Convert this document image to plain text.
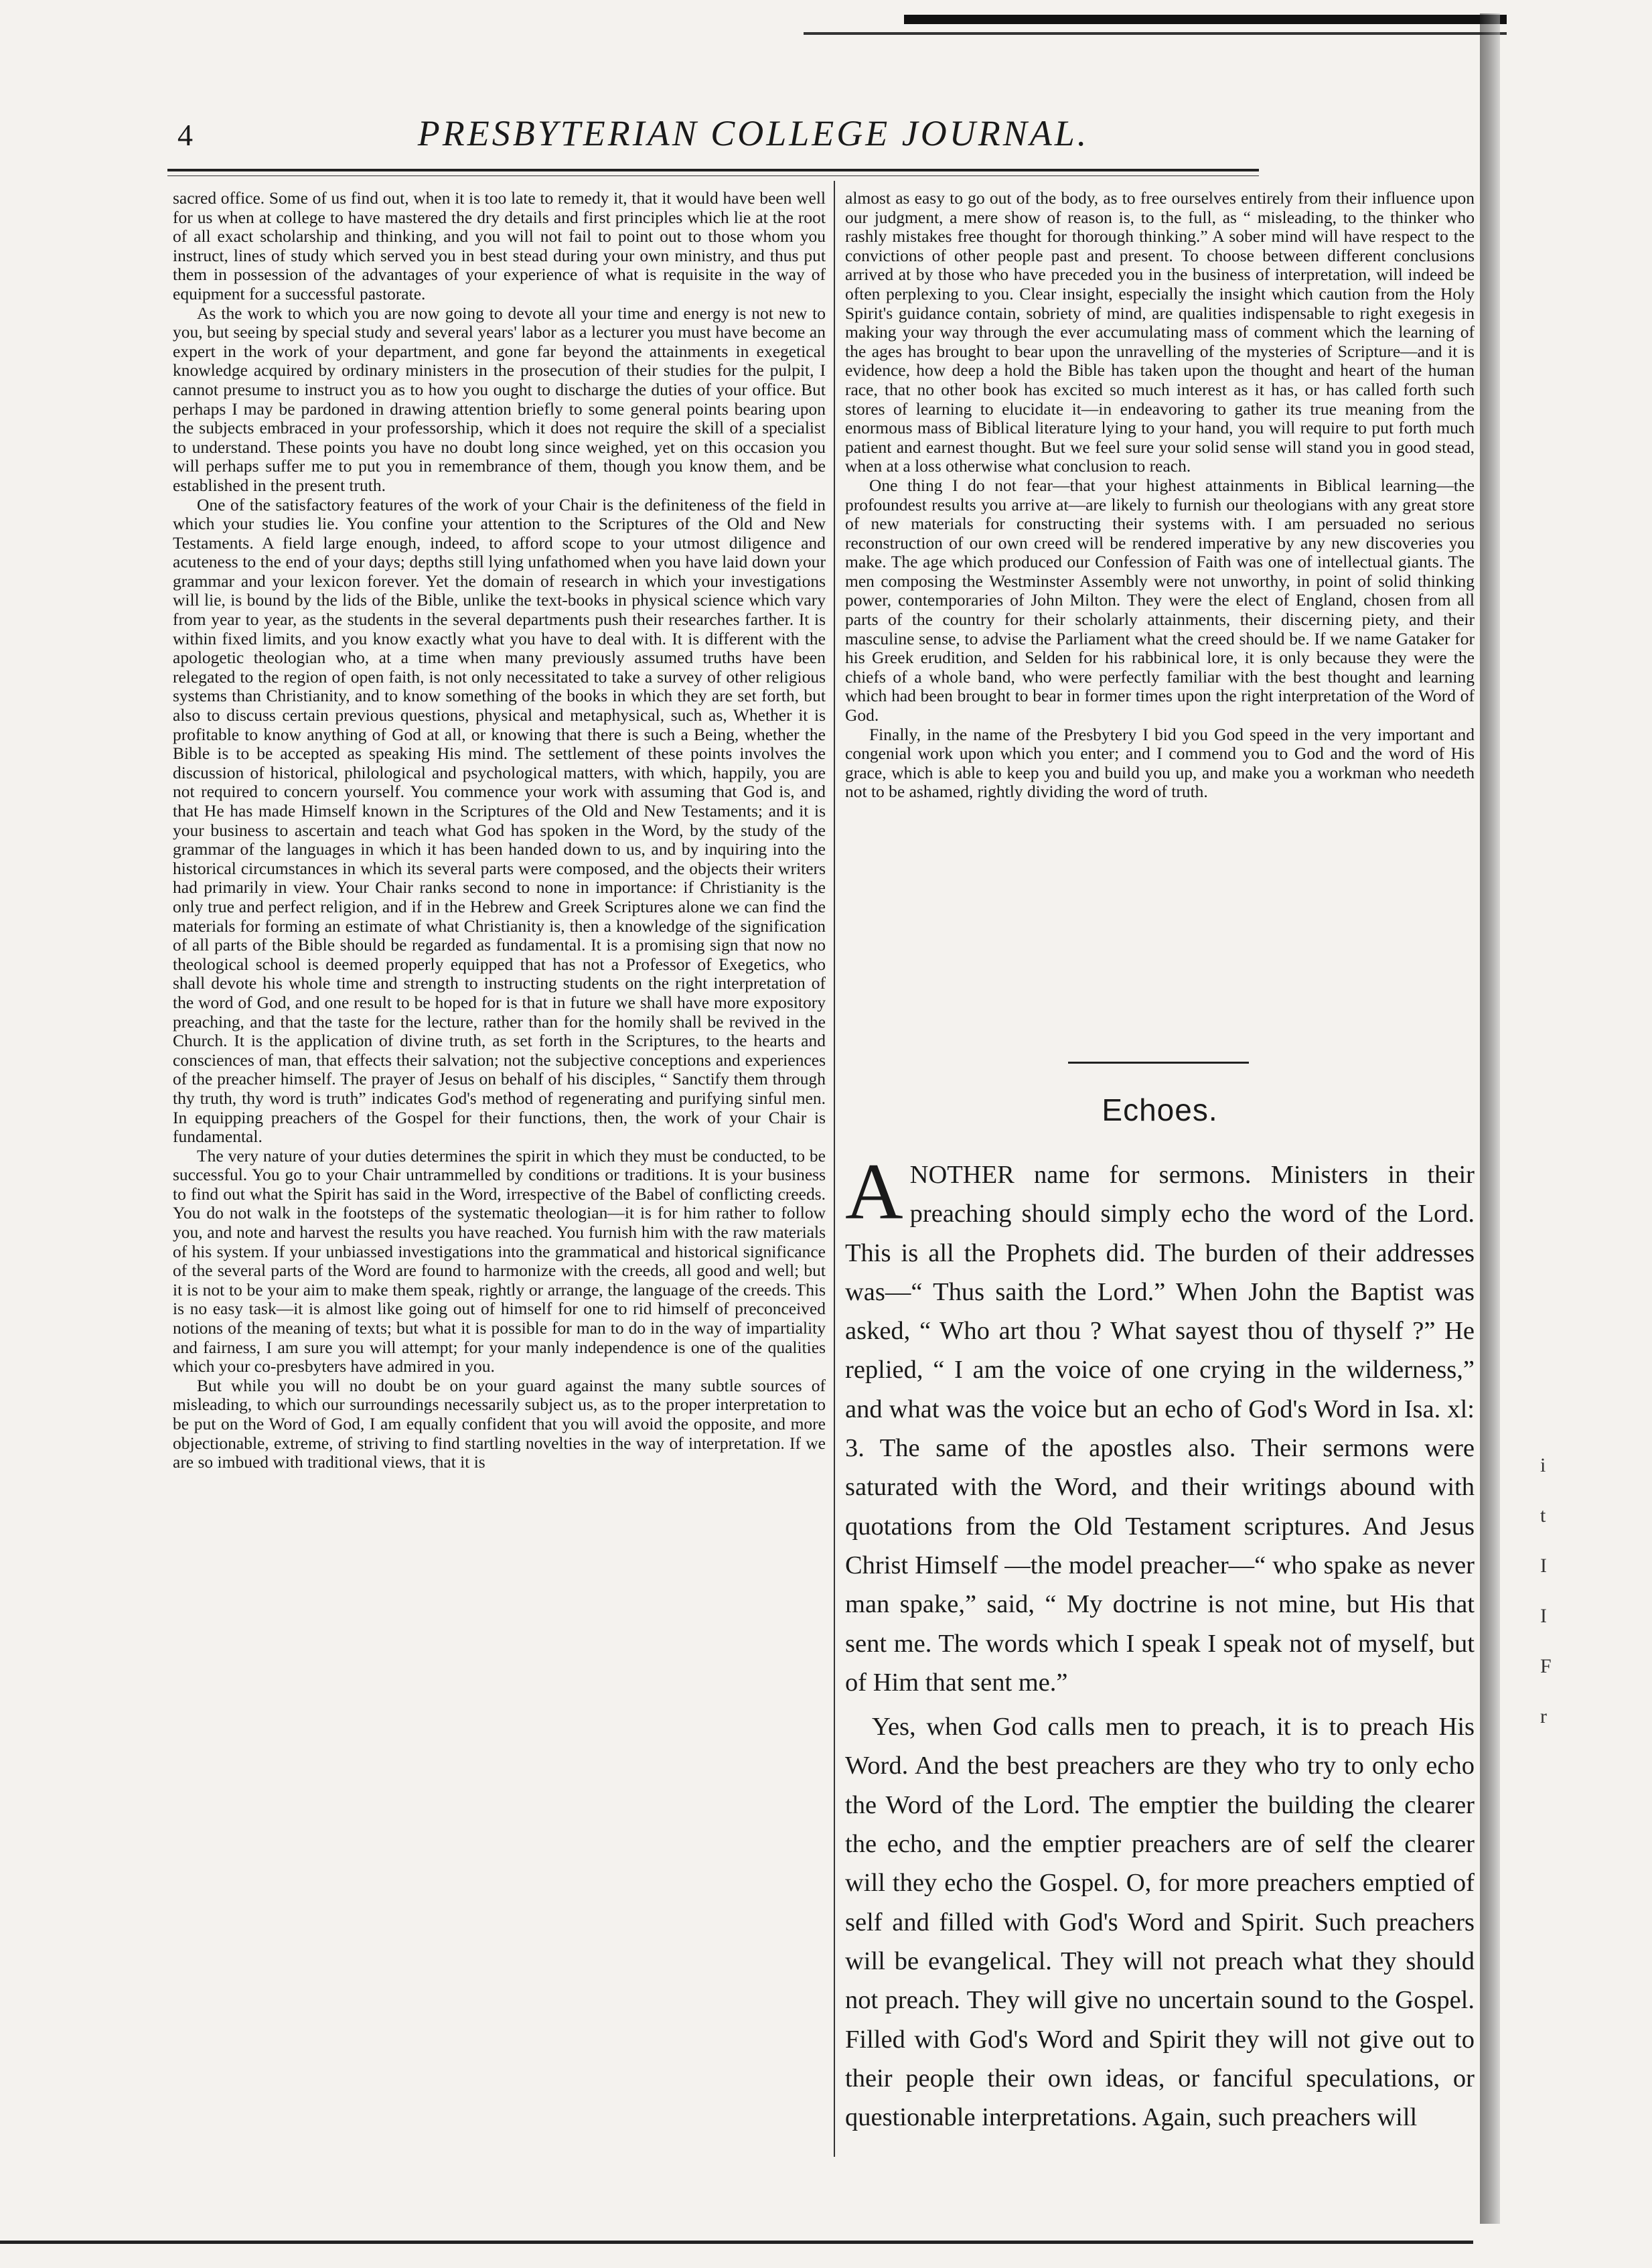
4	PRESBYTERIAN COLLEGE JOURNAL.

sacred office. Some of us find out, when it is too late to remedy it, that it would have been well for us when at college to have mastered the dry details and first principles which lie at the root of all exact scholarship and thinking, and you will not fail to point out to those whom you instruct, lines of study which served you in best stead during your own ministry, and thus put them in possession of the advantages of your experience of what is requisite in the way of equipment for a successful pastorate.

As the work to which you are now going to devote all your time and energy is not new to you, but seeing by special study and several years' labor as a lecturer you must have become an expert in the work of your department, and gone far beyond the attainments in exegetical knowledge acquired by ordinary ministers in the prosecution of their studies for the pulpit, I cannot presume to instruct you as to how you ought to discharge the duties of your office. But perhaps I may be pardoned in drawing attention briefly to some general points bearing upon the subjects embraced in your professorship, which it does not require the skill of a specialist to understand. These points you have no doubt long since weighed, yet on this occasion you will perhaps suffer me to put you in remembrance of them, though you know them, and be established in the present truth.

One of the satisfactory features of the work of your Chair is the definiteness of the field in which your studies lie. You confine your attention to the Scriptures of the Old and New Testaments. A field large enough, indeed, to afford scope to your utmost diligence and acuteness to the end of your days; depths still lying unfathomed when you have laid down your grammar and your lexicon forever. Yet the domain of research in which your investigations will lie, is bound by the lids of the Bible, unlike the text-books in physical science which vary from year to year, as the students in the several departments push their researches farther. It is within fixed limits, and you know exactly what you have to deal with. It is different with the apologetic theologian who, at a time when many previously assumed truths have been relegated to the region of open faith, is not only necessitated to take a survey of other religious systems than Christianity, and to know something of the books in which they are set forth, but also to discuss certain previous questions, physical and metaphysical, such as, Whether it is profitable to know anything of God at all, or knowing that there is such a Being, whether the Bible is to be accepted as speaking His mind. The settlement of these points involves the discussion of historical, philological and psychological matters, with which, happily, you are not required to concern yourself. You commence your work with assuming that God is, and that He has made Himself known in the Scriptures of the Old and New Testaments; and it is your business to ascertain and teach what God has spoken in the Word, by the study of the grammar of the languages in which it has been handed down to us, and by inquiring into the historical circumstances in which its several parts were composed, and the objects their writers had primarily in view. Your Chair ranks second to none in importance: if Christianity is the only true and perfect religion, and if in the Hebrew and Greek Scriptures alone we can find the materials for forming an estimate of what Christianity is, then a knowledge of the signification of all parts of the Bible should be regarded as fundamental. It is a promising sign that now no theological school is deemed properly equipped that has not a Professor of Exegetics, who shall devote his whole time and strength to instructing students on the right interpretation of the word of God, and one result to be hoped for is that in future we shall have more expository preaching, and that the taste for the lecture, rather than for the homily shall be revived in the Church. It is the application of divine truth, as set forth in the Scriptures, to the hearts and consciences of man, that effects their salvation; not the subjective conceptions and experiences of the preacher himself. The prayer of Jesus on behalf of his disciples, “ Sanctify them through thy truth, thy word is truth” indicates God's method of regenerating and purifying sinful men. In equipping preachers of the Gospel for their functions, then, the work of your Chair is fundamental.

The very nature of your duties determines the spirit in which they must be conducted, to be successful. You go to your Chair untrammelled by conditions or traditions. It is your business to find out what the Spirit has said in the Word, irrespective of the Babel of conflicting creeds. You do not walk in the footsteps of the systematic theologian—it is for him rather to follow you, and note and harvest the results you have reached. You furnish him with the raw materials of his system. If your unbiassed investigations into the grammatical and historical significance of the several parts of the Word are found to harmonize with the creeds, all good and well; but it is not to be your aim to make them speak, rightly or arrange, the language of the creeds. This is no easy task—it is almost like going out of himself for one to rid himself of preconceived notions of the meaning of texts; but what it is possible for man to do in the way of impartiality and fairness, I am sure you will attempt; for your manly independence is one of the qualities which your co-presbyters have admired in you.

But while you will no doubt be on your guard against the many subtle sources of misleading, to which our surroundings necessarily subject us, as to the proper interpretation to be put on the Word of God, I am equally confident that you will avoid the opposite, and more objectionable, extreme, of striving to find startling novelties in the way of interpretation. If we are so imbued with traditional views, that it is

almost as easy to go out of the body, as to free ourselves entirely from their influence upon our judgment, a mere show of reason is, to the full, as “ misleading, to the thinker who rashly mistakes free thought for thorough thinking.” A sober mind will have respect to the convictions of other people past and present. To choose between different conclusions arrived at by those who have preceded you in the business of interpretation, will indeed be often perplexing to you. Clear insight, especially the insight which caution from the Holy Spirit's guidance contain, sobriety of mind, are qualities indispensable to right exegesis in making your way through the ever accumulating mass of comment which the learning of the ages has brought to bear upon the unravelling of the mysteries of Scripture—and it is evidence, how deep a hold the Bible has taken upon the thought and heart of the human race, that no other book has excited so much interest as it has, or has called forth such stores of learning to elucidate it—in endeavoring to gather its true meaning from the enormous mass of Biblical literature lying to your hand, you will require to put forth much patient and earnest thought. But we feel sure your solid sense will stand you in good stead, when at a loss otherwise what conclusion to reach.

One thing I do not fear—that your highest attainments in Biblical learning—the profoundest results you arrive at—are likely to furnish our theologians with any great store of new materials for constructing their systems with. I am persuaded no serious reconstruction of our own creed will be rendered imperative by any new discoveries you make. The age which produced our Confession of Faith was one of intellectual giants. The men composing the Westminster Assembly were not unworthy, in point of solid thinking power, contemporaries of John Milton. They were the elect of England, chosen from all parts of the country for their scholarly attainments, their discerning piety, and their masculine sense, to advise the Parliament what the creed should be. If we name Gataker for his Greek erudition, and Selden for his rabbinical lore, it is only because they were the chiefs of a whole band, who were perfectly familiar with the best thought and learning which had been brought to bear in former times upon the right interpretation of the Word of God.

Finally, in the name of the Presbytery I bid you God speed in the very important and congenial work upon which you enter; and I commend you to God and the word of His grace, which is able to keep you and build you up, and make you a workman who needeth not to be ashamed, rightly dividing the word of truth.

Echoes.

ANOTHER name for sermons. Ministers in their preaching should simply echo the word of the Lord. This is all the Prophets did. The burden of their addresses was—“ Thus saith the Lord.” When John the Baptist was asked, “ Who art thou ? What sayest thou of thyself ?” He replied, “ I am the voice of one crying in the wilderness,” and what was the voice but an echo of God's Word in Isa. xl: 3. The same of the apostles also. Their sermons were saturated with the Word, and their writings abound with quotations from the Old Testament scriptures. And Jesus Christ Himself —the model preacher—“ who spake as never man spake,” said, “ My doctrine is not mine, but His that sent me. The words which I speak I speak not of myself, but of Him that sent me.”

Yes, when God calls men to preach, it is to preach His Word. And the best preachers are they who try to only echo the Word of the Lord. The emptier the building the clearer the echo, and the emptier preachers are of self the clearer will they echo the Gospel. O, for more preachers emptied of self and filled with God's Word and Spirit. Such preachers will be evangelical. They will not preach what they should not preach. They will give no uncertain sound to the Gospel. Filled with God's Word and Spirit they will not give out to their people their own ideas, or fanciful speculations, or questionable interpretations. Again, such preachers will

i
t
I
I
F
r
